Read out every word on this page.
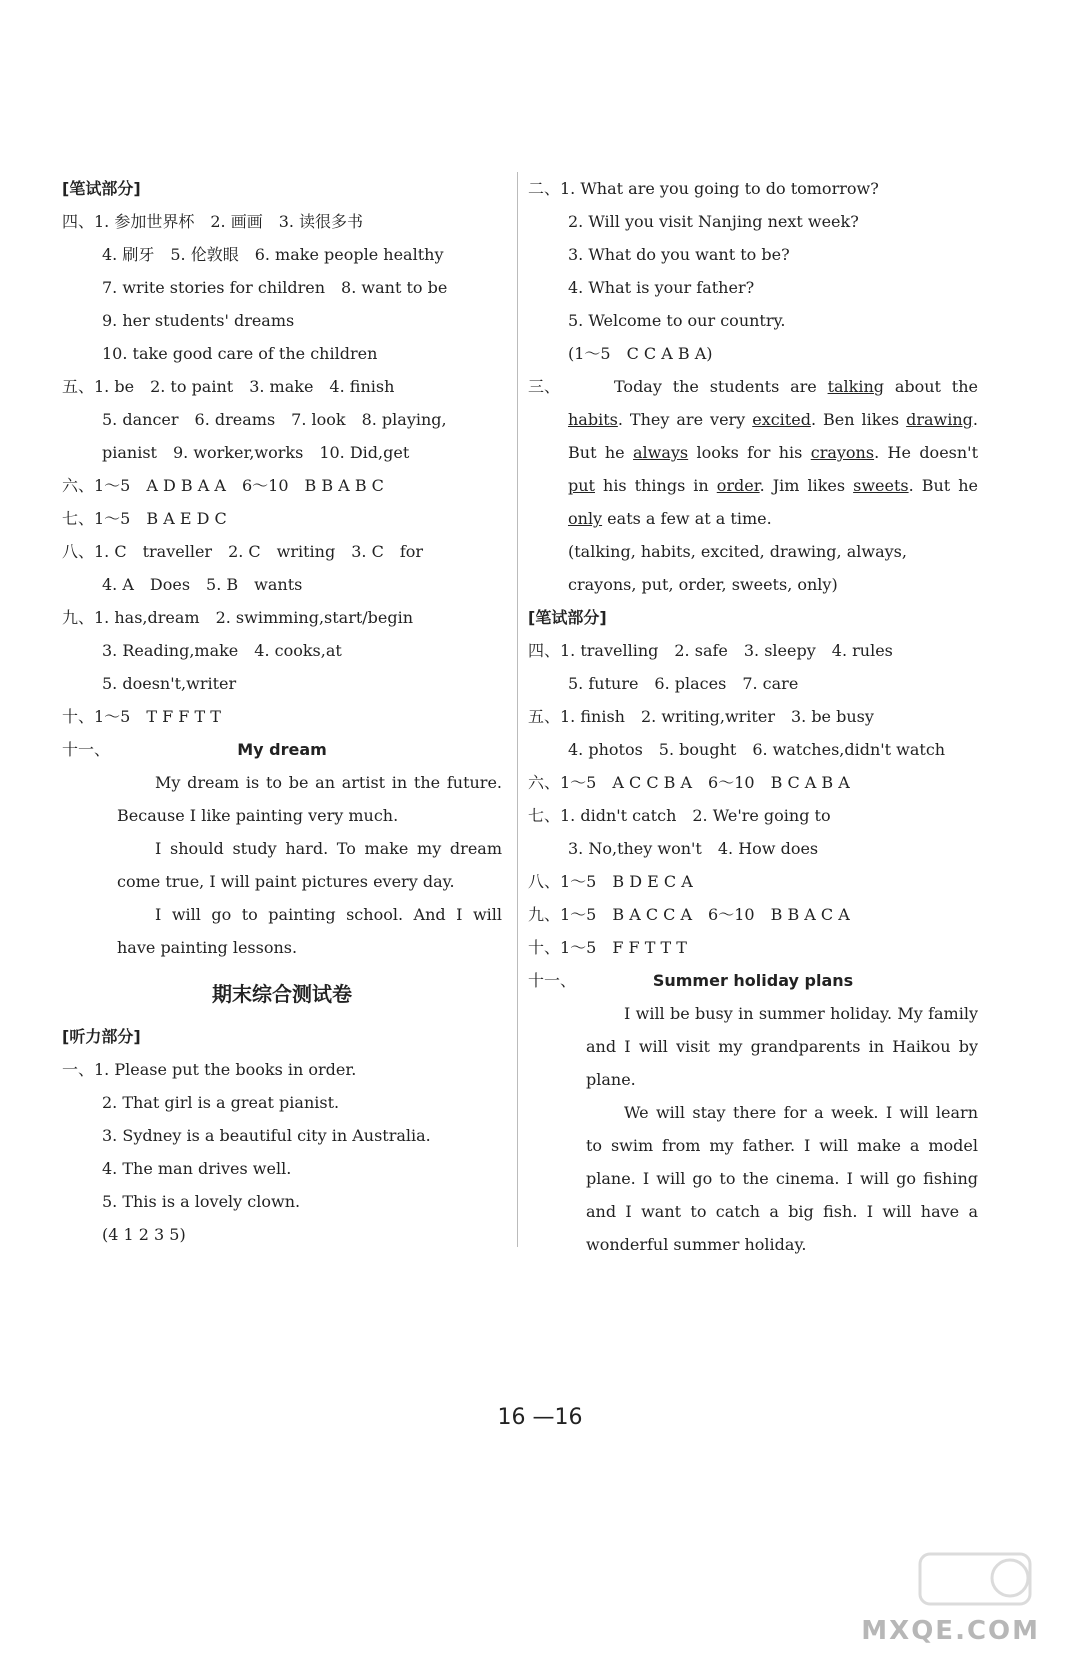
[笔试部分]
四、1. 参加世界杯　2. 画画　3. 读很多书
4. 刷牙　5. 伦敦眼　6. make people healthy
7. write stories for children　8. want to be
9. her students' dreams
10. take good care of the children
五、1. be　2. to paint　3. make　4. finish
5. dancer　6. dreams　7. look　8. playing,
pianist　9. worker,works　10. Did,get
六、1～5　A D B A A　6～10　B B A B C
七、1～5　B A E D C
八、1. C　traveller　2. C　writing　3. C　for
4. A　Does　5. B　wants
九、1. has,dream　2. swimming,start/begin
3. Reading,make　4. cooks,at
5. doesn't,writer
十、1～5　T F F T T
十一、	My dream
My dream is to be an artist in the future. Because I like painting very much.
I should study hard. To make my dream come true, I will paint pictures every day.
I will go to painting school. And I will have painting lessons.
期末综合测试卷
[听力部分]
一、1. Please put the books in order.
2. That girl is a great pianist.
3. Sydney is a beautiful city in Australia.
4. The man drives well.
5. This is a lovely clown.
(4 1 2 3 5)
二、1. What are you going to do tomorrow?
2. Will you visit Nanjing next week?
3. What do you want to be?
4. What is your father?
5. Welcome to our country.
(1～5　C C A B A)
三、	Today the students are talking about the habits. They are very excited. Ben likes drawing. But he always looks for his crayons. He doesn't put his things in order. Jim likes sweets. But he only eats a few at a time.
(talking, habits, excited, drawing, always,
crayons, put, order, sweets, only)
[笔试部分]
四、1. travelling　2. safe　3. sleepy　4. rules
5. future　6. places　7. care
五、1. finish　2. writing,writer　3. be busy
4. photos　5. bought　6. watches,didn't watch
六、1～5　A C C B A　6～10　B C A B A
七、1. didn't catch　2. We're going to
3. No,they won't　4. How does
八、1～5　B D E C A
九、1～5　B A C C A　6～10　B B A C A
十、1～5　F F T T T
十一、	Summer holiday plans
I will be busy in summer holiday. My family and I will visit my grandparents in Haikou by plane.
We will stay there for a week. I will learn to swim from my father. I will make a model plane. I will go to the cinema. I will go fishing and I want to catch a big fish. I will have a wonderful summer holiday.
16 —16
MXQE.COM
